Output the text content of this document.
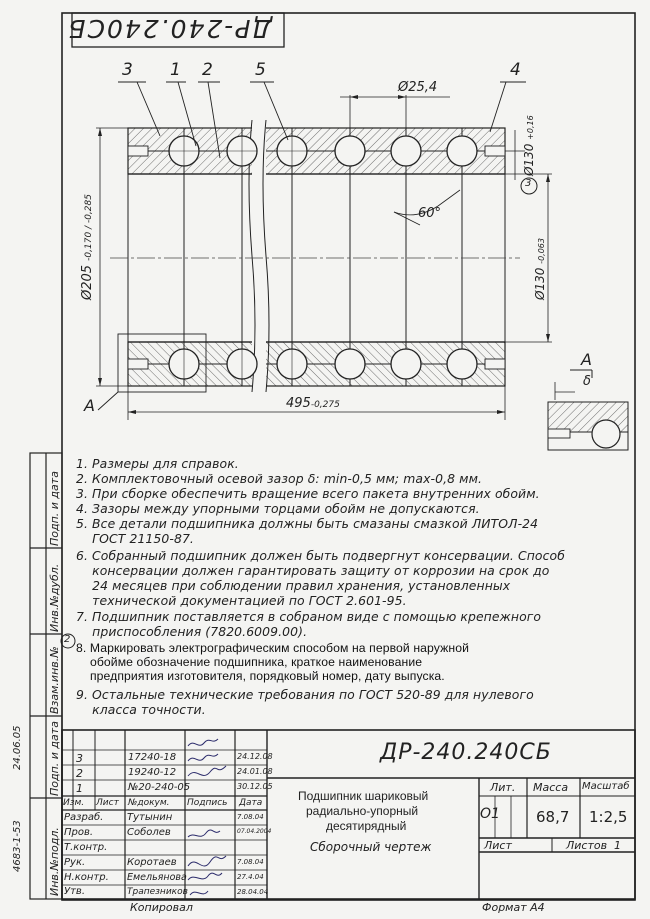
ДР-240.240СБ
3 1 2 5	4
Ø25,4
60°
495-0,275
Ø205 -0,170 / -0,285
Ø130 +0,16
Ø130 -0,063
3
А
А
δ
1. Размеры для справок.
2. Комплектовочный осевой зазор δ: min-0,5 мм; max-0,8 мм.
3. При сборке обеспечить вращение всего пакета внутренних обойм.
4. Зазоры между упорными торцами обойм не допускаются.
5. Все детали подшипника должны быть смазаны смазкой ЛИТОЛ-24
ГОСТ 21150-87.
6. Собранный подшипник должен быть подвергнут консервации. Способ
консервации должен гарантировать защиту от коррозии на срок до
24 месяцев при соблюдении правил хранения, установленных
технической документацией по ГОСТ 2.601-95.
7. Подшипник поставляется в собраном виде с помощью крепежного
приспособления (7820.6009.00).
8. Маркировать электрографическим способом на первой наружной
обойме обозначение подшипника, краткое наименование
предприятия изготовителя, порядковый номер, дату выпуска.
9. Остальные технические требования по ГОСТ 520-89 для нулевого
класса точности.
2
Инв.№подл.
Подп. и дата
Взам.инв.№
Инв.№дубл.
Подп. и дата
4683-1-53
24.06.05	3	17240-18	24.12.08
2	19240-12	24.01.08
1	№20-240-05	30.12.05
Изм. Лист №докум. Подпись Дата
Разраб. Тутынин	7.08.04
Пров.	Соболев	07.04.2004
Т.контр.
Рук.	Коротаев	7.08.04
Н.контр. Емельянова	27.4.04
Утв.	Трапезников	28.04.04
ДР-240.240СБ
Подшипник шариковый
радиально-упорный
десятирядный
Сборочный чертеж
Лит. Масса Масштаб
О1 68,7 1:2,5
Лист	Листов 1
Копировал	Формат А4
